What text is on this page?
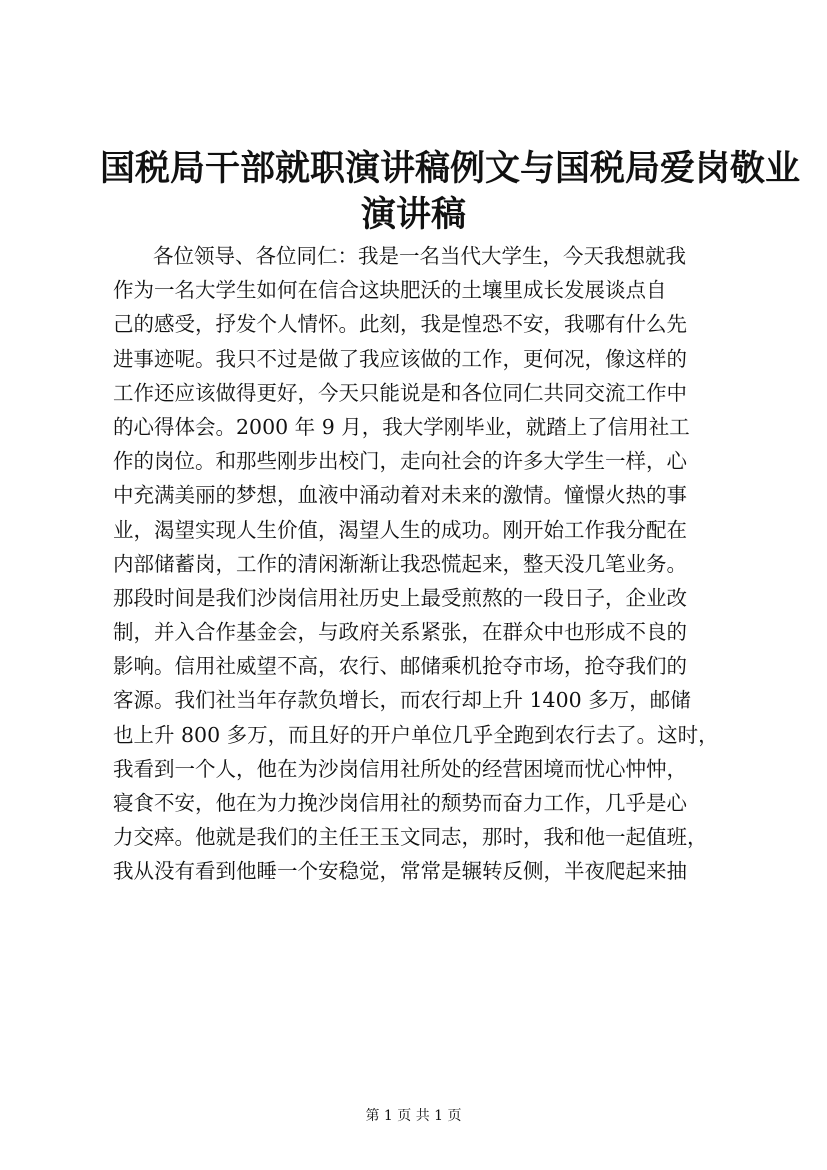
国税局干部就职演讲稿例文与国税局爱岗敬业
演讲稿
各位领导、各位同仁：我是一名当代大学生，今天我想就我
作为一名大学生如何在信合这块肥沃的土壤里成长发展谈点自
己的感受，抒发个人情怀。此刻，我是惶恐不安，我哪有什么先
进事迹呢。我只不过是做了我应该做的工作，更何况，像这样的
工作还应该做得更好，今天只能说是和各位同仁共同交流工作中
的心得体会。2000 年 9 月，我大学刚毕业，就踏上了信用社工
作的岗位。和那些刚步出校门，走向社会的许多大学生一样，心
中充满美丽的梦想，血液中涌动着对未来的激情。憧憬火热的事
业，渴望实现人生价值，渴望人生的成功。刚开始工作我分配在
内部储蓄岗，工作的清闲渐渐让我恐慌起来，整天没几笔业务。
那段时间是我们沙岗信用社历史上最受煎熬的一段日子，企业改
制，并入合作基金会，与政府关系紧张，在群众中也形成不良的
影响。信用社威望不高，农行、邮储乘机抢夺市场，抢夺我们的
客源。我们社当年存款负增长，而农行却上升 1400 多万，邮储
也上升 800 多万，而且好的开户单位几乎全跑到农行去了。这时，
我看到一个人，他在为沙岗信用社所处的经营困境而忧心忡忡，
寝食不安，他在为力挽沙岗信用社的颓势而奋力工作，几乎是心
力交瘁。他就是我们的主任王玉文同志，那时，我和他一起值班，
我从没有看到他睡一个安稳觉，常常是辗转反侧，半夜爬起来抽
第 1 页 共 1 页
